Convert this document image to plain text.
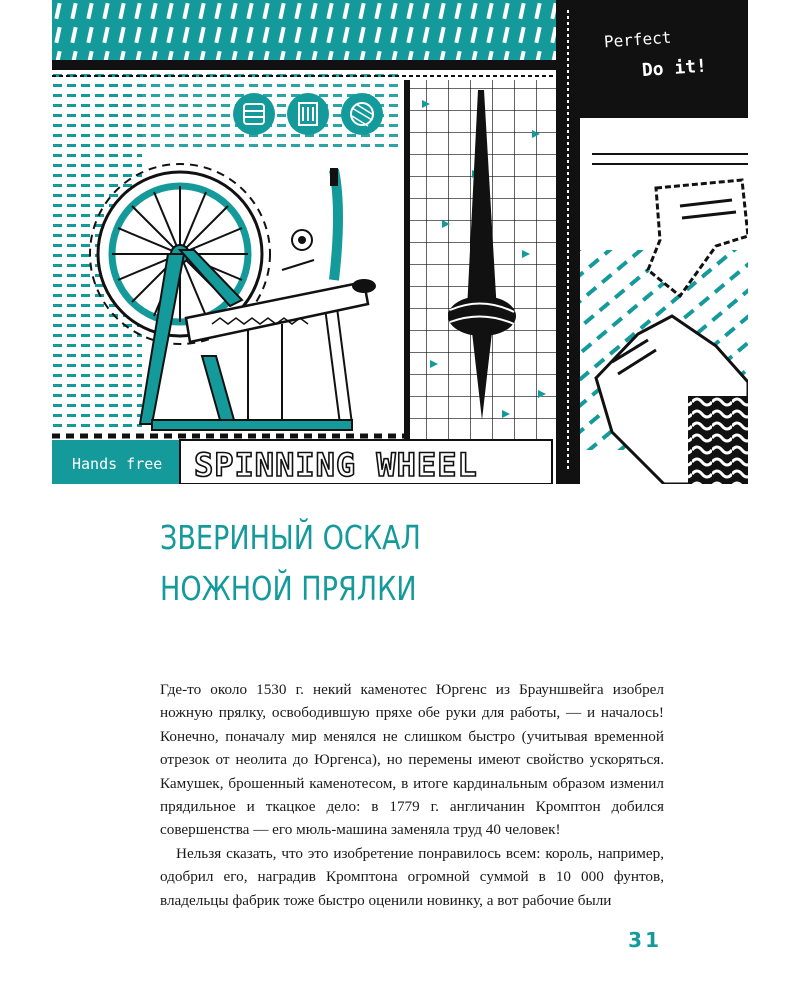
Hands free SPINNING WHEEL
Perfect
Do it!
ЗВЕРИНЫЙ ОСКАЛ
НОЖНОЙ ПРЯЛКИ

Где-то около 1530 г. некий каменотес Юргенс из Брауншвейга изобрел ножную прялку, освободившую пряхе обе руки для работы, — и началось! Конечно, поначалу мир менялся не слишком быстро (учитывая временной отрезок от неолита до Юргенса), но перемены имеют свойство ускоряться. Камушек, брошенный каменотесом, в итоге кардинальным образом изменил прядильное и ткацкое дело: в 1779 г. англичанин Кромптон добился совершенства — его мюль-машина заменяла труд 40 человек!

Нельзя сказать, что это изобретение понравилось всем: король, например, одобрил его, наградив Кромптона огромной суммой в 10 000 фунтов, владельцы фабрик тоже быстро оценили новинку, а вот рабочие были

31
